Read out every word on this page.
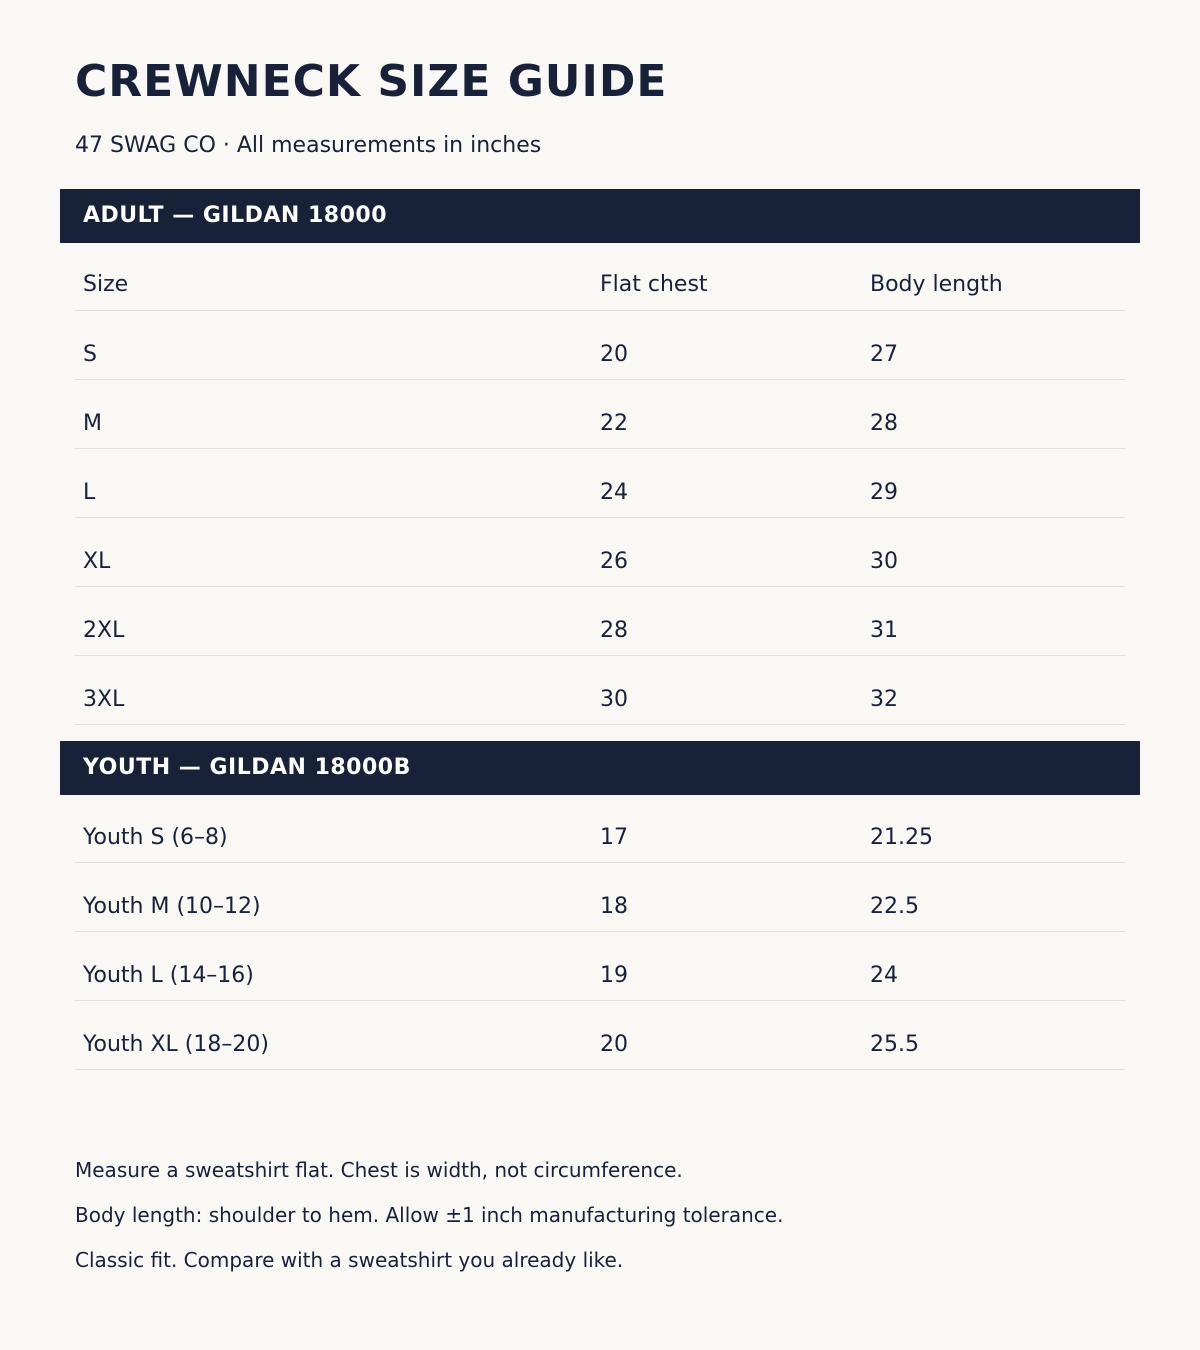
CREWNECK SIZE GUIDE
47 SWAG CO · All measurements in inches
ADULT — GILDAN 18000
Size	Flat chest	Body length
S	20	27
M	22	28
L	24	29
XL	26	30
2XL	28	31
3XL	30	32
YOUTH — GILDAN 18000B
Youth S (6–8)	17	21.25
Youth M (10–12)	18	22.5
Youth L (14–16)	19	24
Youth XL (18–20)	20	25.5
Measure a sweatshirt flat. Chest is width, not circumference.
Body length: shoulder to hem. Allow ±1 inch manufacturing tolerance.
Classic fit. Compare with a sweatshirt you already like.
